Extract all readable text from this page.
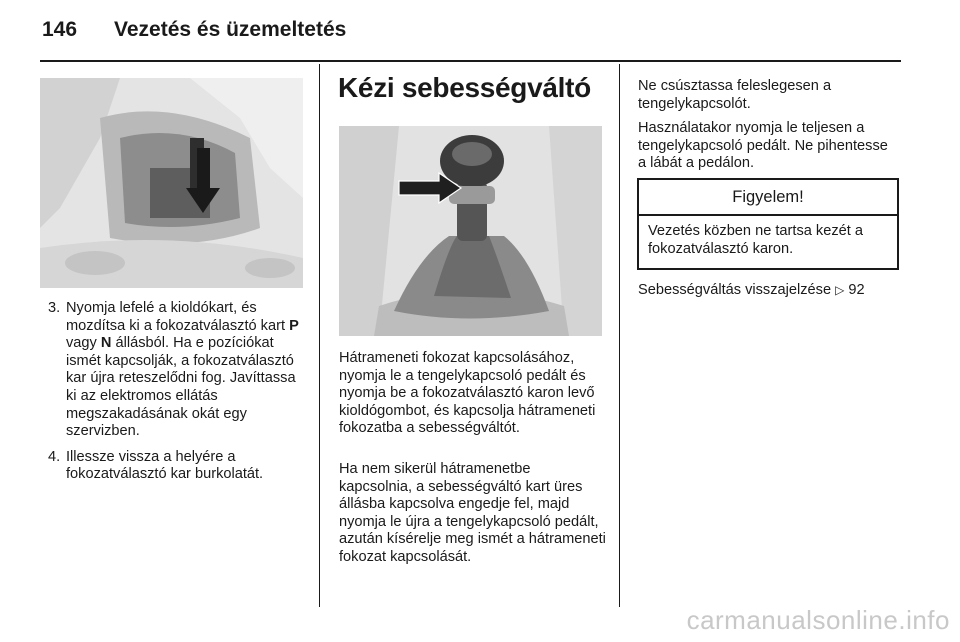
146 Vezetés és üzemeltetés
3. Nyomja lefelé a kioldókart, és mozdítsa ki a fokozatválasztó kart P vagy N állásból. Ha e pozíciókat ismét kapcsolják, a fokozatválasztó kar újra reteszelődni fog. Javíttassa ki az elektromos ellátás megszakadásának okát egy szervizben.
4. Illessze vissza a helyére a fokozatválasztó kar burkolatát.
Kézi sebességváltó

Hátrameneti fokozat kapcsolásához, nyomja le a tengelykapcsoló pedált és nyomja be a fokozatválasztó karon levő kioldógombot, és kapcsolja hátrameneti fokozatba a sebességváltót.

Ha nem sikerül hátramenetbe kapcsolnia, a sebességváltó kart üres állásba kapcsolva engedje fel, majd nyomja le újra a tengelykapcsoló pedált, azután kísérelje meg ismét a hátrameneti fokozat kapcsolását.

Ne csúsztassa feleslegesen a tengelykapcsolót.

Használatakor nyomja le teljesen a tengelykapcsoló pedált. Ne pihentesse a lábát a pedálon.

Figyelem!
Vezetés közben ne tartsa kezét a fokozatválasztó karon.

Sebességváltás visszajelzése ▷ 92

carmanualsonline.info
